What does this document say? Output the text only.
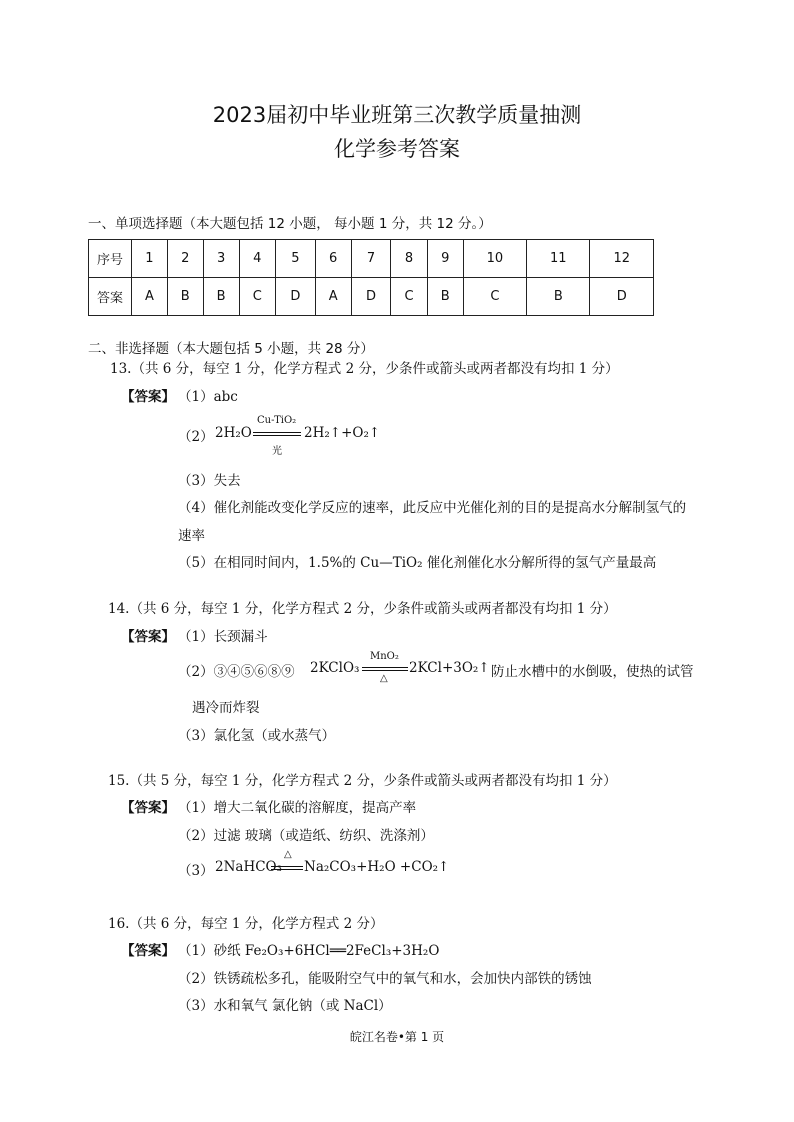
2023届初中毕业班第三次教学质量抽测
化学参考答案
一、单项选择题（本大题包括 12 小题， 每小题 1 分，共 12 分。）
序号	1	2	3	4	5	6	7	8	9	10	11	12
答案	A	B	B	C	D	A	D	C	B	C	B	D
二、非选择题（本大题包括 5 小题，共 28 分）
13.（共 6 分，每空 1 分，化学方程式 2 分，少条件或箭头或两者都没有均扣 1 分）
【答案】 （1）abc
（2） 2H₂O
Cu-TiO₂
光
2H₂↑+O₂↑
（3）失去
（4）催化剂能改变化学反应的速率，此反应中光催化剂的目的是提高水分解制氢气的
速率
（5）在相同时间内，1.5%的 Cu—TiO₂ 催化剂催化水分解所得的氢气产量最高
14.（共 6 分，每空 1 分，化学方程式 2 分，少条件或箭头或两者都没有均扣 1 分）
【答案】 （1）长颈漏斗
（2）③④⑤⑥⑧⑨ 2KClO₃
MnO₂
△
2KCl+3O₂↑ 防止水槽中的水倒吸，使热的试管
遇冷而炸裂
（3）氯化氢（或水蒸气）
15.（共 5 分，每空 1 分，化学方程式 2 分，少条件或箭头或两者都没有均扣 1 分）
【答案】 （1）增大二氧化碳的溶解度，提高产率
（2）过滤 玻璃（或造纸、纺织、洗涤剂）
（3） 2NaHCO₃
△
Na₂CO₃+H₂O +CO₂↑
16.（共 6 分，每空 1 分，化学方程式 2 分）
【答案】 （1）砂纸 Fe₂O₃+6HCl══2FeCl₃+3H₂O
（2）铁锈疏松多孔，能吸附空气中的氧气和水，会加快内部铁的锈蚀
（3）水和氧气 氯化钠（或 NaCl）
皖江名卷•第 1 页
